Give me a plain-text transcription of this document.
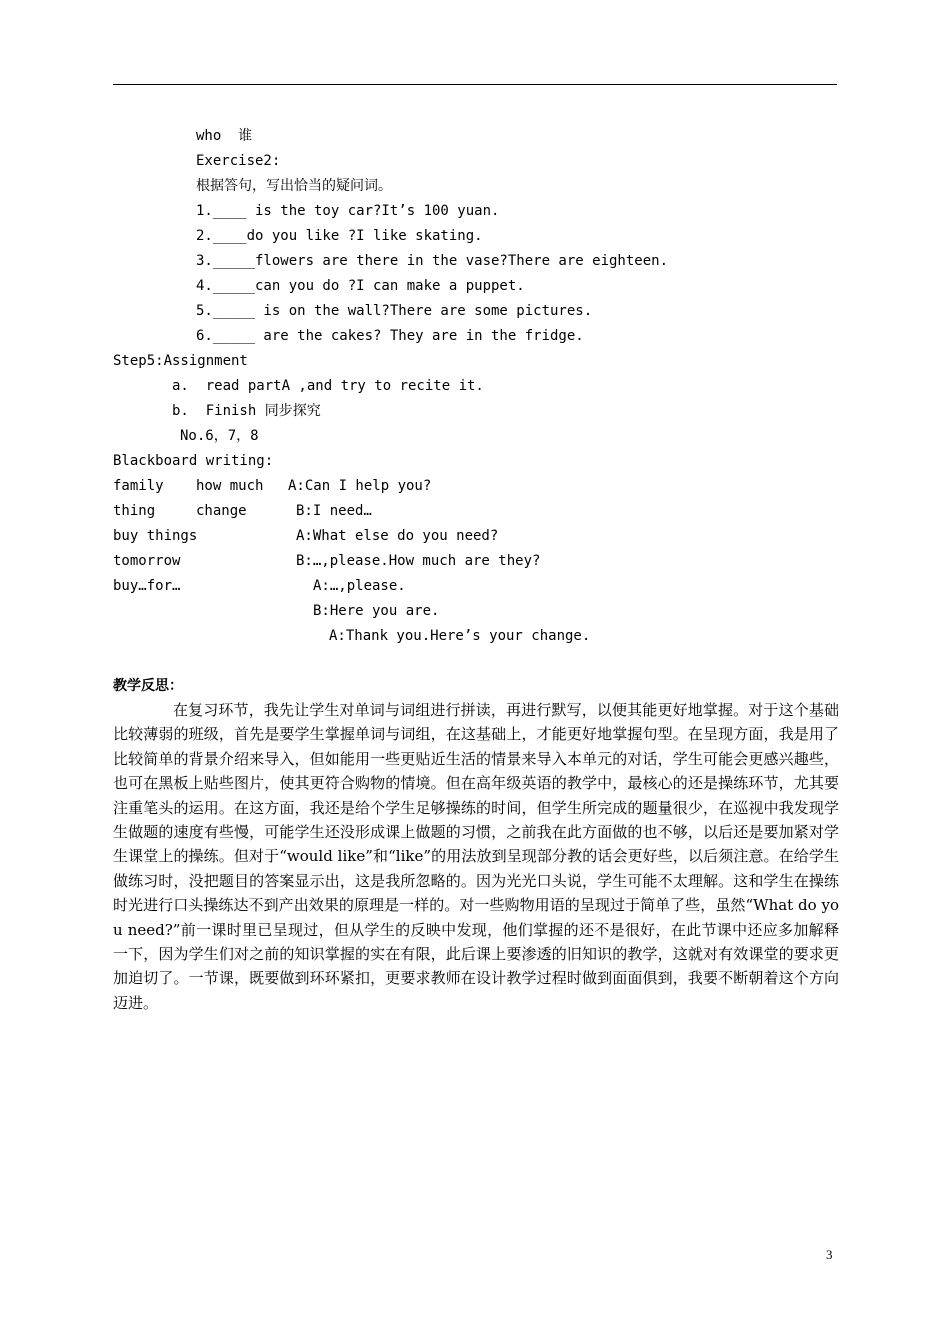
who  谁
Exercise2:
根据答句，写出恰当的疑问词。
1.____ is the toy car?It’s 100 yuan.
2.____do you like ?I like skating.
3._____flowers are there in the vase?There are eighteen.
4._____can you do ?I can make a puppet.
5._____ is on the wall?There are some pictures.
6._____ are the cakes? They are in the fridge.
Step5:Assignment
a.  read partA ,and try to recite it.
b.  Finish 同步探究
No.6，7，8
Blackboard writing:
family how much A:Can I help you?
thing	change	B:I need…
buy things	A:What else do you need?
tomorrow	B:…,please.How much are they?
buy…for…	A:…,please.
B:Here you are.
A:Thank you.Here’s your change.
教学反思：

在复习环节，我先让学生对单词与词组进行拼读，再进行默写，以便其能更好地掌握。对于这个基础比较薄弱的班级，首先是要学生掌握单词与词组，在这基础上，才能更好地掌握句型。在呈现方面，我是用了比较简单的背景介绍来导入，但如能用一些更贴近生活的情景来导入本单元的对话，学生可能会更感兴趣些，也可在黑板上贴些图片，使其更符合购物的情境。但在高年级英语的教学中，最核心的还是操练环节，尤其要注重笔头的运用。在这方面，我还是给个学生足够操练的时间，但学生所完成的题量很少，在巡视中我发现学生做题的速度有些慢，可能学生还没形成课上做题的习惯，之前我在此方面做的也不够，以后还是要加紧对学生课堂上的操练。但对于“would like”和“like”的用法放到呈现部分教的话会更好些，以后须注意。在给学生做练习时，没把题目的答案显示出，这是我所忽略的。因为光光口头说，学生可能不太理解。这和学生在操练时光进行口头操练达不到产出效果的原理是一样的。对一些购物用语的呈现过于简单了些，虽然“What do you need?”前一课时里已呈现过，但从学生的反映中发现，他们掌握的还不是很好，在此节课中还应多加解释一下，因为学生们对之前的知识掌握的实在有限，此后课上要渗透的旧知识的教学，这就对有效课堂的要求更加迫切了。一节课，既要做到环环紧扣，更要求教师在设计教学过程时做到面面俱到，我要不断朝着这个方向迈进。

3
